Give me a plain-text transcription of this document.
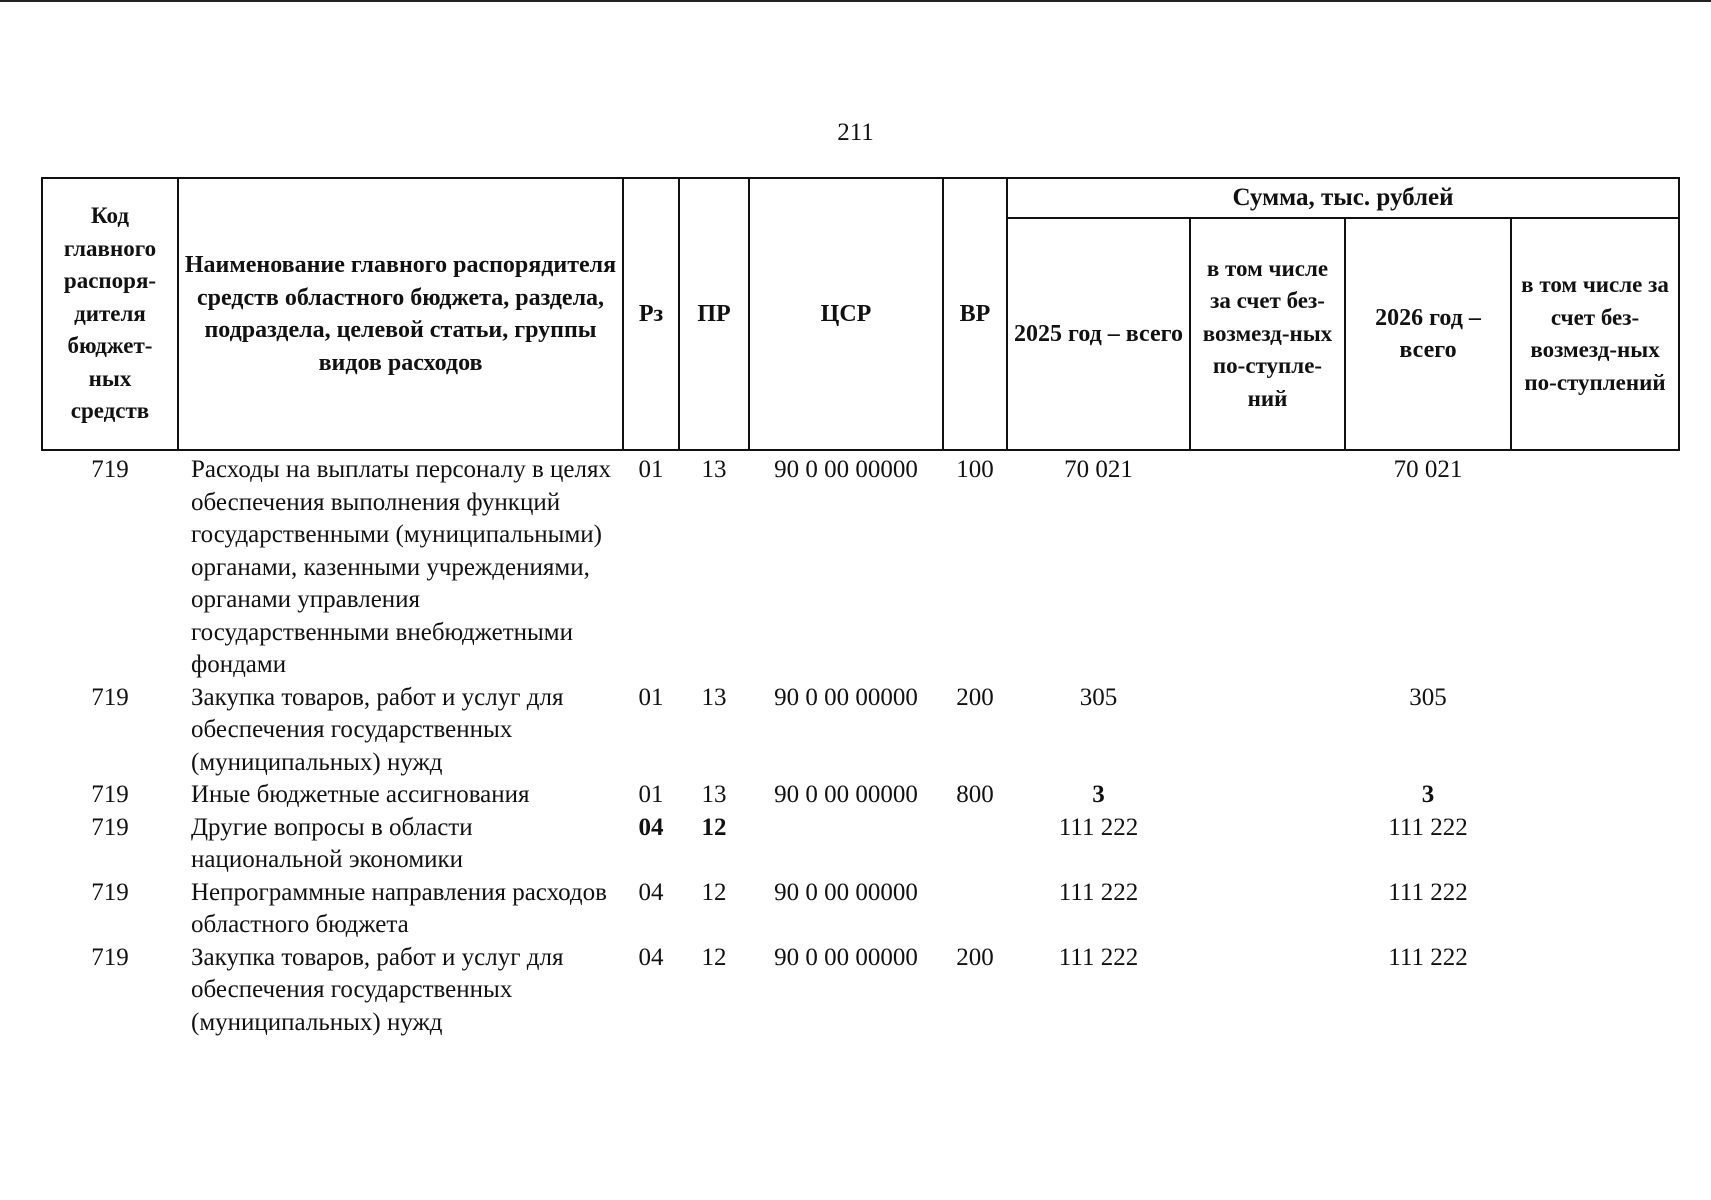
211
Код главного распоря-дителя бюджет-ных средств	Наименование главного распорядителя средств областного бюджета, раздела, подраздела, целевой статьи, группы видов расходов	Рз	ПР	ЦСР	ВР	Сумма, тыс. рублей			
						2025 год – всего	в том числе за счет без-возмезд-ных по-ступле-ний	2026 год – всего	в том числе за счет без-возмезд-ных по-ступлений
719	Расходы на выплаты персоналу в целях обеспечения выполнения функций государственными (муниципальными) органами, казенными учреждениями, органами управления государственными внебюджетными фондами	01	13	90 0 00 00000	100	70 021		70 021	
719	Закупка товаров, работ и услуг для обеспечения государственных (муниципальных) нужд	01	13	90 0 00 00000	200	305		305	
719	Иные бюджетные ассигнования	01	13	90 0 00 00000	800	3		3	
719	Другие вопросы в области национальной экономики	04	12			111 222		111 222	
719	Непрограммные направления расходов областного бюджета	04	12	90 0 00 00000		111 222		111 222	
719	Закупка товаров, работ и услуг для обеспечения государственных (муниципальных) нужд	04	12	90 0 00 00000	200	111 222		111 222	
